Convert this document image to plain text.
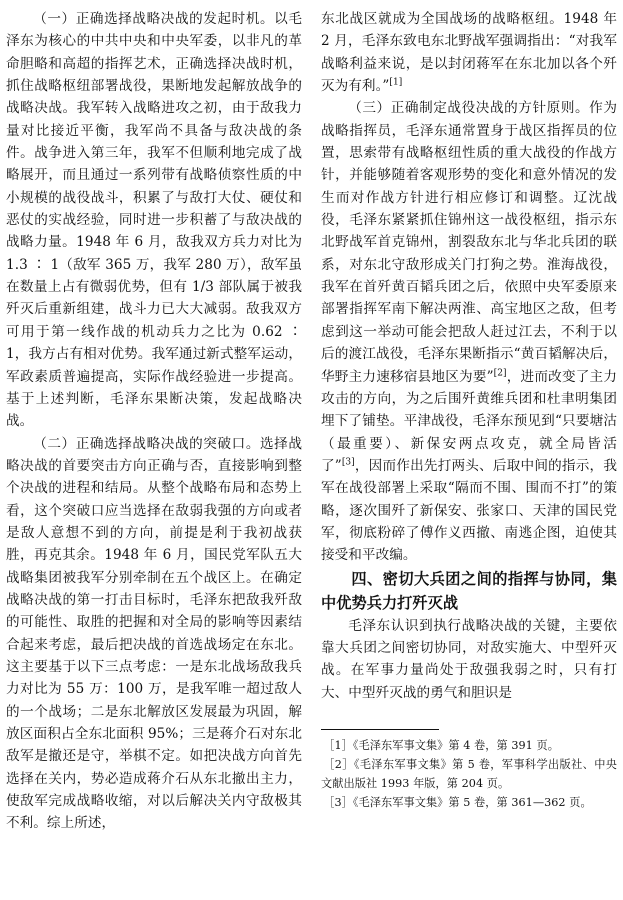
（一）正确选择战略决战的发起时机。以毛泽东为核心的中共中央和中央军委，以非凡的革命胆略和高超的指挥艺术，正确选择决战时机，抓住战略枢纽部署战役，果断地发起解放战争的战略决战。我军转入战略进攻之初，由于敌我力量对比接近平衡，我军尚不具备与敌决战的条件。战争进入第三年，我军不但顺利地完成了战略展开，而且通过一系列带有战略侦察性质的中小规模的战役战斗，积累了与敌打大仗、硬仗和恶仗的实战经验，同时进一步积蓄了与敌决战的战略力量。1948 年 6 月，敌我双方兵力对比为 1.3 ∶ 1（敌军 365 万，我军 280 万），敌军虽在数量上占有微弱优势，但有 1/3 部队属于被我歼灭后重新组建，战斗力已大大减弱。敌我双方可用于第一线作战的机动兵力之比为 0.62 ∶ 1，我方占有相对优势。我军通过新式整军运动，军政素质普遍提高，实际作战经验进一步提高。基于上述判断，毛泽东果断决策，发起战略决战。

（二）正确选择战略决战的突破口。选择战略决战的首要突击方向正确与否，直接影响到整个决战的进程和结局。从整个战略布局和态势上看，这个突破口应当选择在敌弱我强的方向或者是敌人意想不到的方向，前提是利于我初战获胜，再克其余。1948 年 6 月，国民党军队五大战略集团被我军分别牵制在五个战区上。在确定战略决战的第一打击目标时，毛泽东把敌我歼敌的可能性、取胜的把握和对全局的影响等因素结合起来考虑，最后把决战的首选战场定在东北。这主要基于以下三点考虑：一是东北战场敌我兵力对比为 55 万：100 万，是我军唯一超过敌人的一个战场；二是东北解放区发展最为巩固，解放区面积占全东北面积 95%；三是蒋介石对东北敌军是撤还是守，举棋不定。如把决战方向首先选择在关内，势必造成蒋介石从东北撤出主力，使敌军完成战略收缩，对以后解决关内守敌极其不利。综上所述，

东北战区就成为全国战场的战略枢纽。1948 年 2 月，毛泽东致电东北野战军强调指出：“对我军战略利益来说，是以封闭蒋军在东北加以各个歼灭为有利。”[1]

（三）正确制定战役决战的方针原则。作为战略指挥员，毛泽东通常置身于战区指挥员的位置，思索带有战略枢纽性质的重大战役的作战方针，并能够随着客观形势的变化和意外情况的发生而对作战方针进行相应修订和调整。辽沈战役，毛泽东紧紧抓住锦州这一战役枢纽，指示东北野战军首克锦州，割裂敌东北与华北兵团的联系，对东北守敌形成关门打狗之势。淮海战役，我军在首歼黄百韬兵团之后，依照中央军委原来部署指挥军南下解决两淮、高宝地区之敌，但考虑到这一举动可能会把敌人赶过江去，不利于以后的渡江战役，毛泽东果断指示“黄百韬解决后，华野主力速移宿县地区为要”[2]，进而改变了主力攻击的方向，为之后围歼黄维兵团和杜聿明集团埋下了铺垫。平津战役，毛泽东预见到“只要塘沽（最重要）、新保安两点攻克，就全局皆活了”[3]，因而作出先打两头、后取中间的指示，我军在战役部署上采取“隔而不围、围而不打”的策略，逐次围歼了新保安、张家口、天津的国民党军，彻底粉碎了傅作义西撤、南逃企图，迫使其接受和平改编。

四、密切大兵团之间的指挥与协同，集中优势兵力打歼灭战

毛泽东认识到执行战略决战的关键，主要依靠大兵团之间密切协同，对敌实施大、中型歼灭战。在军事力量尚处于敌强我弱之时，只有打大、中型歼灭战的勇气和胆识是

［1］《毛泽东军事文集》第 4 卷，第 391 页。

［2］《毛泽东军事文集》第 5 卷，军事科学出版社、中央文献出版社 1993 年版，第 204 页。

［3］《毛泽东军事文集》第 5 卷，第 361—362 页。
